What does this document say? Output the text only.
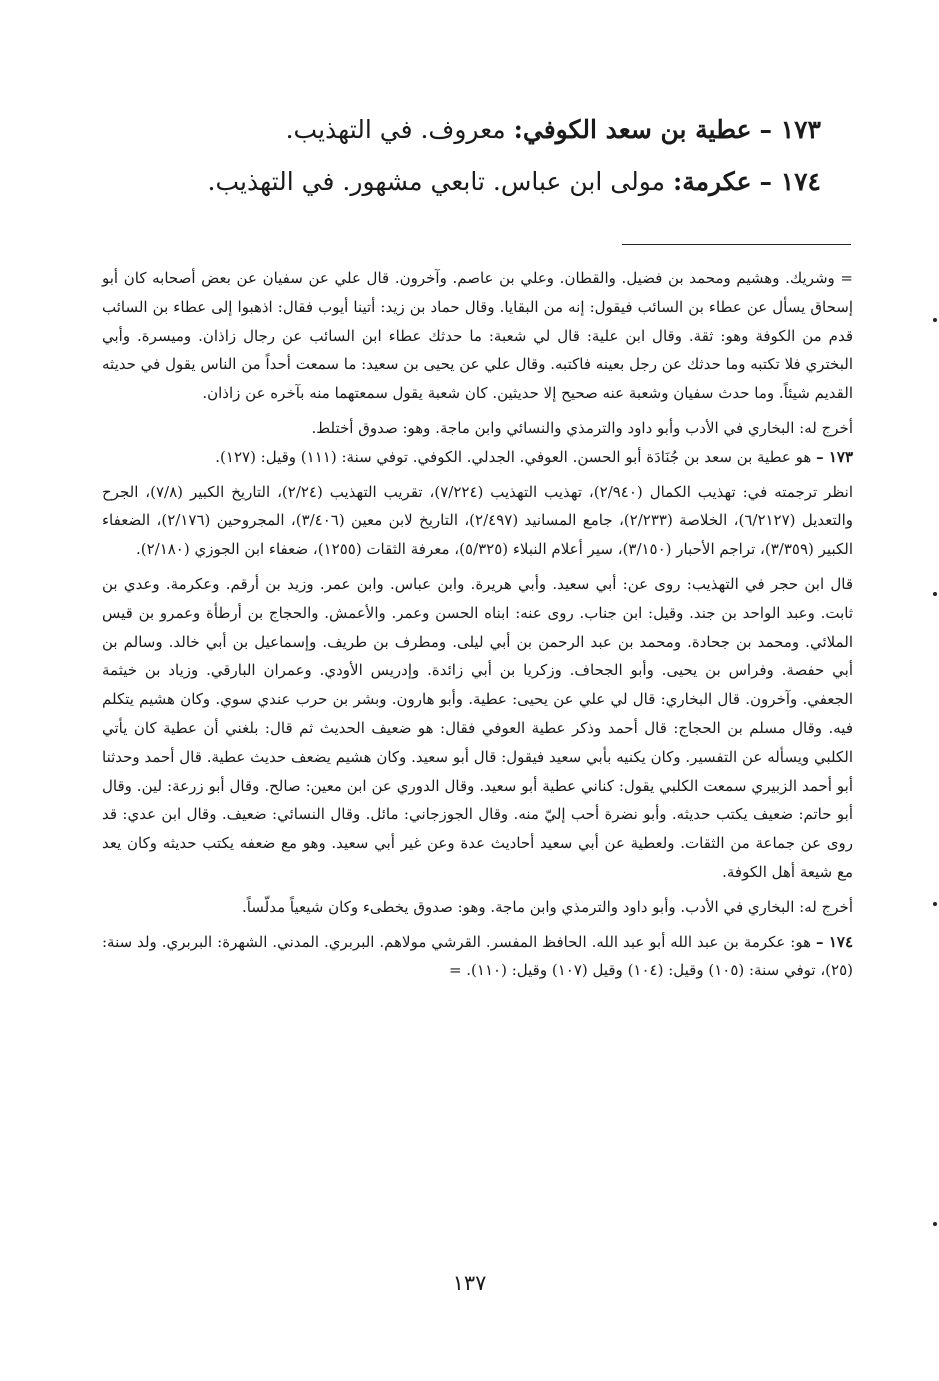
١٧٣ – عطية بن سعد الكوفي: معروف. في التهذيب.
١٧٤ – عكرمة: مولى ابن عباس. تابعي مشهور. في التهذيب.

= وشريك. وهشيم ومحمد بن فضيل. والقطان. وعلي بن عاصم. وآخرون. قال علي عن سفيان عن بعض أصحابه كان أبو إسحاق يسأل عن عطاء بن السائب فيقول: إنه من البقايا. وقال حماد بن زيد: أتينا أيوب فقال: اذهبوا إلى عطاء بن السائب قدم من الكوفة وهو: ثقة. وقال ابن علية: قال لي شعبة: ما حدثك عطاء ابن السائب عن رجال زاذان. وميسرة. وأبي البختري فلا تكتبه وما حدثك عن رجل بعينه فاكتبه. وقال علي عن يحيى بن سعيد: ما سمعت أحداً من الناس يقول في حديثه القديم شيئاً. وما حدث سفيان وشعبة عنه صحيح إلا حديثين. كان شعبة يقول سمعتهما منه بآخره عن زاذان.

أخرج له: البخاري في الأدب وأبو داود والترمذي والنسائي وابن ماجة. وهو: صدوق أختلط.

١٧٣ – هو عطية بن سعد بن جُنَادَة أبو الحسن. العوفي. الجدلي. الكوفي. توفي سنة: (١١١) وقيل: (١٢٧).

انظر ترجمته في: تهذيب الكمال (٢/٩٤٠)، تهذيب التهذيب (٧/٢٢٤)، تقريب التهذيب (٢/٢٤)، التاريخ الكبير (٧/٨)، الجرح والتعديل (٦/٢١٢٧)، الخلاصة (٢/٢٣٣)، جامع المسانيد (٢/٤٩٧)، التاريخ لابن معين (٣/٤٠٦)، المجروحين (٢/١٧٦)، الضعفاء الكبير (٣/٣٥٩)، تراجم الأحبار (٣/١٥٠)، سير أعلام النبلاء (٥/٣٢٥)، معرفة الثقات (١٢٥٥)، ضعفاء ابن الجوزي (٢/١٨٠).

قال ابن حجر في التهذيب: روى عن: أبي سعيد. وأبي هريرة. وابن عباس. وابن عمر. وزيد بن أرقم. وعكرمة. وعدي بن ثابت. وعبد الواحد بن جند. وقيل: ابن جناب. روى عنه: ابناه الحسن وعمر. والأعمش. والحجاج بن أرطأة وعمرو بن قيس الملائي. ومحمد بن جحادة. ومحمد بن عبد الرحمن بن أبي ليلى. ومطرف بن طريف. وإسماعيل بن أبي خالد. وسالم بن أبي حفصة. وفراس بن يحيى. وأبو الجحاف. وزكريا بن أبي زائدة. وإدريس الأودي. وعمران البارقي. وزياد بن خيثمة الجعفي. وآخرون. قال البخاري: قال لي علي عن يحيى: عطية. وأبو هارون. وبشر بن حرب عندي سوي. وكان هشيم يتكلم فيه. وقال مسلم بن الحجاج: قال أحمد وذكر عطية العوفي فقال: هو ضعيف الحديث ثم قال: بلغني أن عطية كان يأتي الكلبي ويسأله عن التفسير. وكان يكنيه بأبي سعيد فيقول: قال أبو سعيد. وكان هشيم يضعف حديث عطية. قال أحمد وحدثنا أبو أحمد الزبيري سمعت الكلبي يقول: كناني عطية أبو سعيد. وقال الدوري عن ابن معين: صالح. وقال أبو زرعة: لين. وقال أبو حاتم: ضعيف يكتب حديثه. وأبو نضرة أحب إليّ منه. وقال الجوزجاني: مائل. وقال النسائي: ضعيف. وقال ابن عدي: قد روى عن جماعة من الثقات. ولعطية عن أبي سعيد أحاديث عدة وعن غير أبي سعيد. وهو مع ضعفه يكتب حديثه وكان يعد مع شيعة أهل الكوفة.

أخرج له: البخاري في الأدب. وأبو داود والترمذي وابن ماجة. وهو: صدوق يخطىء وكان شيعياً مدلّساً.

١٧٤ – هو: عكرمة بن عبد الله أبو عبد الله. الحافظ المفسر. القرشي مولاهم. البربري. المدني. الشهرة: البربري. ولد سنة: (٢٥)، توفي سنة: (١٠٥) وقيل: (١٠٤) وقيل (١٠٧) وقيل: (١١٠). =

١٣٧
